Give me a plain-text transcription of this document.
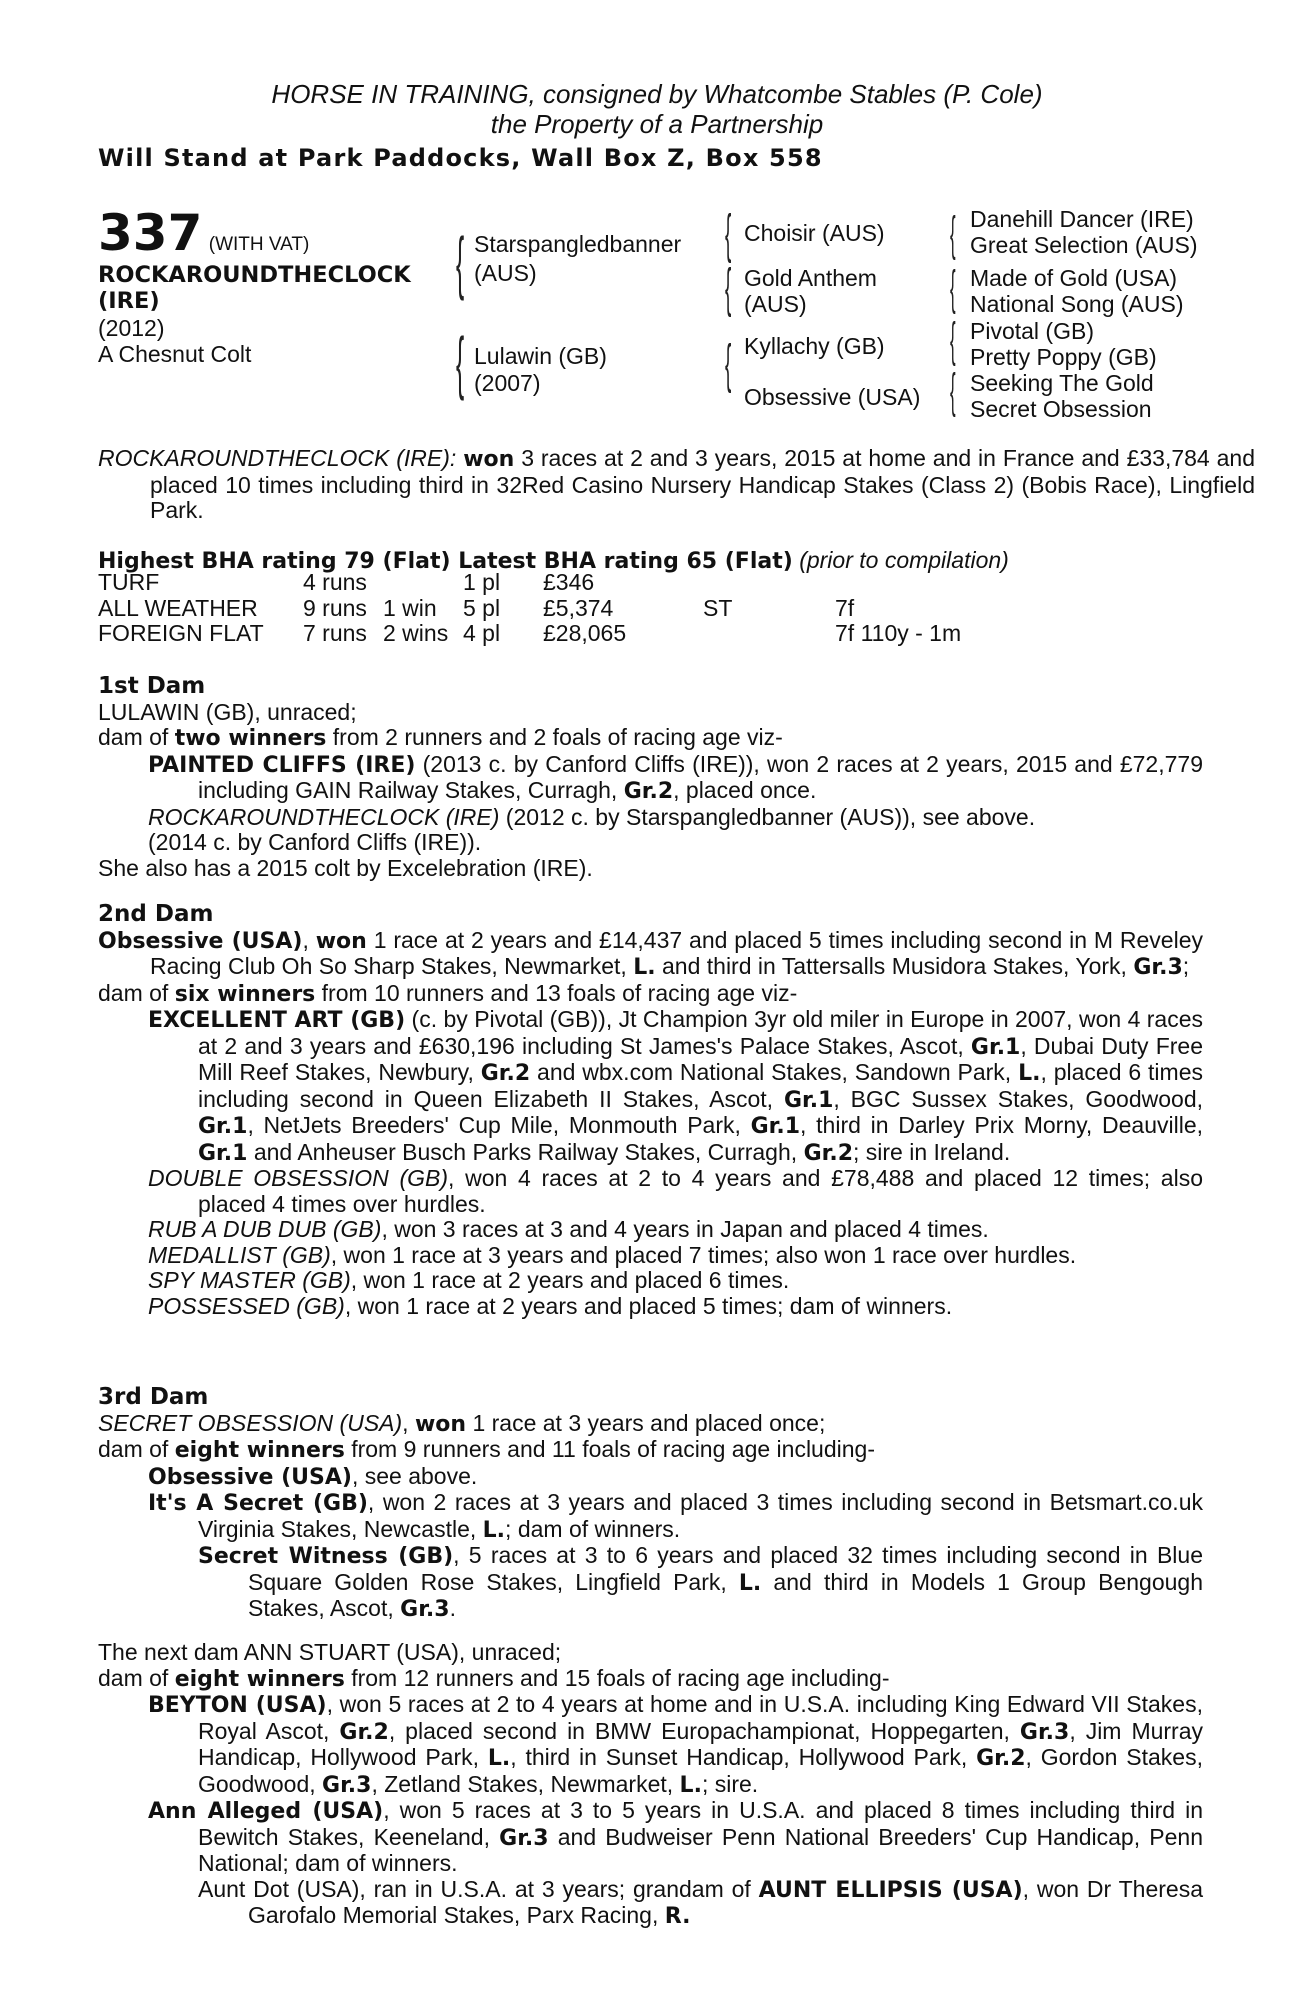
HORSE IN TRAINING, consigned by Whatcombe Stables (P. Cole)
the Property of a Partnership
Will Stand at Park Paddocks, Wall Box Z, Box 558
337 (WITH VAT)
ROCKAROUNDTHECLOCK
(IRE)
(2012)
A Chesnut Colt
{ Starspangledbanner
(AUS)
{ Lulawin (GB)
(2007)
{ Choisir (AUS)
{ Gold Anthem
(AUS)
{ Kyllachy (GB)
Obsessive (USA)
{ Danehill Dancer (IRE)
Great Selection (AUS)
{ Made of Gold (USA)
National Song (AUS)
{ Pivotal (GB)
Pretty Poppy (GB)
{ Seeking The Gold
Secret Obsession
ROCKAROUNDTHECLOCK (IRE): won 3 races at 2 and 3 years, 2015 at home and in France and £33,784 and placed 10 times including third in 32Red Casino Nursery Handicap Stakes (Class 2) (Bobis Race), Lingfield Park.
Highest BHA rating 79 (Flat) Latest BHA rating 65 (Flat) (prior to compilation)
TURF	4 runs		1 pl	£346		
ALL WEATHER	9 runs	1 win	5 pl	£5,374	ST	7f
FOREIGN FLAT	7 runs	2 wins	4 pl	£28,065		7f 110y - 1m
1st Dam
LULAWIN (GB), unraced;
dam of two winners from 2 runners and 2 foals of racing age viz-
PAINTED CLIFFS (IRE) (2013 c. by Canford Cliffs (IRE)), won 2 races at 2 years, 2015 and £72,779 including GAIN Railway Stakes, Curragh, Gr.2, placed once.
ROCKAROUNDTHECLOCK (IRE) (2012 c. by Starspangledbanner (AUS)), see above.
(2014 c. by Canford Cliffs (IRE)).
She also has a 2015 colt by Excelebration (IRE).
2nd Dam
Obsessive (USA), won 1 race at 2 years and £14,437 and placed 5 times including second in M Reveley Racing Club Oh So Sharp Stakes, Newmarket, L. and third in Tattersalls Musidora Stakes, York, Gr.3;
dam of six winners from 10 runners and 13 foals of racing age viz-
EXCELLENT ART (GB) (c. by Pivotal (GB)), Jt Champion 3yr old miler in Europe in 2007, won 4 races at 2 and 3 years and £630,196 including St James's Palace Stakes, Ascot, Gr.1, Dubai Duty Free Mill Reef Stakes, Newbury, Gr.2 and wbx.com National Stakes, Sandown Park, L., placed 6 times including second in Queen Elizabeth II Stakes, Ascot, Gr.1, BGC Sussex Stakes, Goodwood, Gr.1, NetJets Breeders' Cup Mile, Monmouth Park, Gr.1, third in Darley Prix Morny, Deauville, Gr.1 and Anheuser Busch Parks Railway Stakes, Curragh, Gr.2; sire in Ireland.
DOUBLE OBSESSION (GB), won 4 races at 2 to 4 years and £78,488 and placed 12 times; also placed 4 times over hurdles.
RUB A DUB DUB (GB), won 3 races at 3 and 4 years in Japan and placed 4 times.
MEDALLIST (GB), won 1 race at 3 years and placed 7 times; also won 1 race over hurdles.
SPY MASTER (GB), won 1 race at 2 years and placed 6 times.
POSSESSED (GB), won 1 race at 2 years and placed 5 times; dam of winners.
3rd Dam
SECRET OBSESSION (USA), won 1 race at 3 years and placed once;
dam of eight winners from 9 runners and 11 foals of racing age including-
Obsessive (USA), see above.
It's A Secret (GB), won 2 races at 3 years and placed 3 times including second in Betsmart.co.uk Virginia Stakes, Newcastle, L.; dam of winners.
Secret Witness (GB), 5 races at 3 to 6 years and placed 32 times including second in Blue Square Golden Rose Stakes, Lingfield Park, L. and third in Models 1 Group Bengough Stakes, Ascot, Gr.3.
The next dam ANN STUART (USA), unraced;
dam of eight winners from 12 runners and 15 foals of racing age including-
BEYTON (USA), won 5 races at 2 to 4 years at home and in U.S.A. including King Edward VII Stakes, Royal Ascot, Gr.2, placed second in BMW Europachampionat, Hoppegarten, Gr.3, Jim Murray Handicap, Hollywood Park, L., third in Sunset Handicap, Hollywood Park, Gr.2, Gordon Stakes, Goodwood, Gr.3, Zetland Stakes, Newmarket, L.; sire.
Ann Alleged (USA), won 5 races at 3 to 5 years in U.S.A. and placed 8 times including third in Bewitch Stakes, Keeneland, Gr.3 and Budweiser Penn National Breeders' Cup Handicap, Penn National; dam of winners.
Aunt Dot (USA), ran in U.S.A. at 3 years; grandam of AUNT ELLIPSIS (USA), won Dr Theresa Garofalo Memorial Stakes, Parx Racing, R.
